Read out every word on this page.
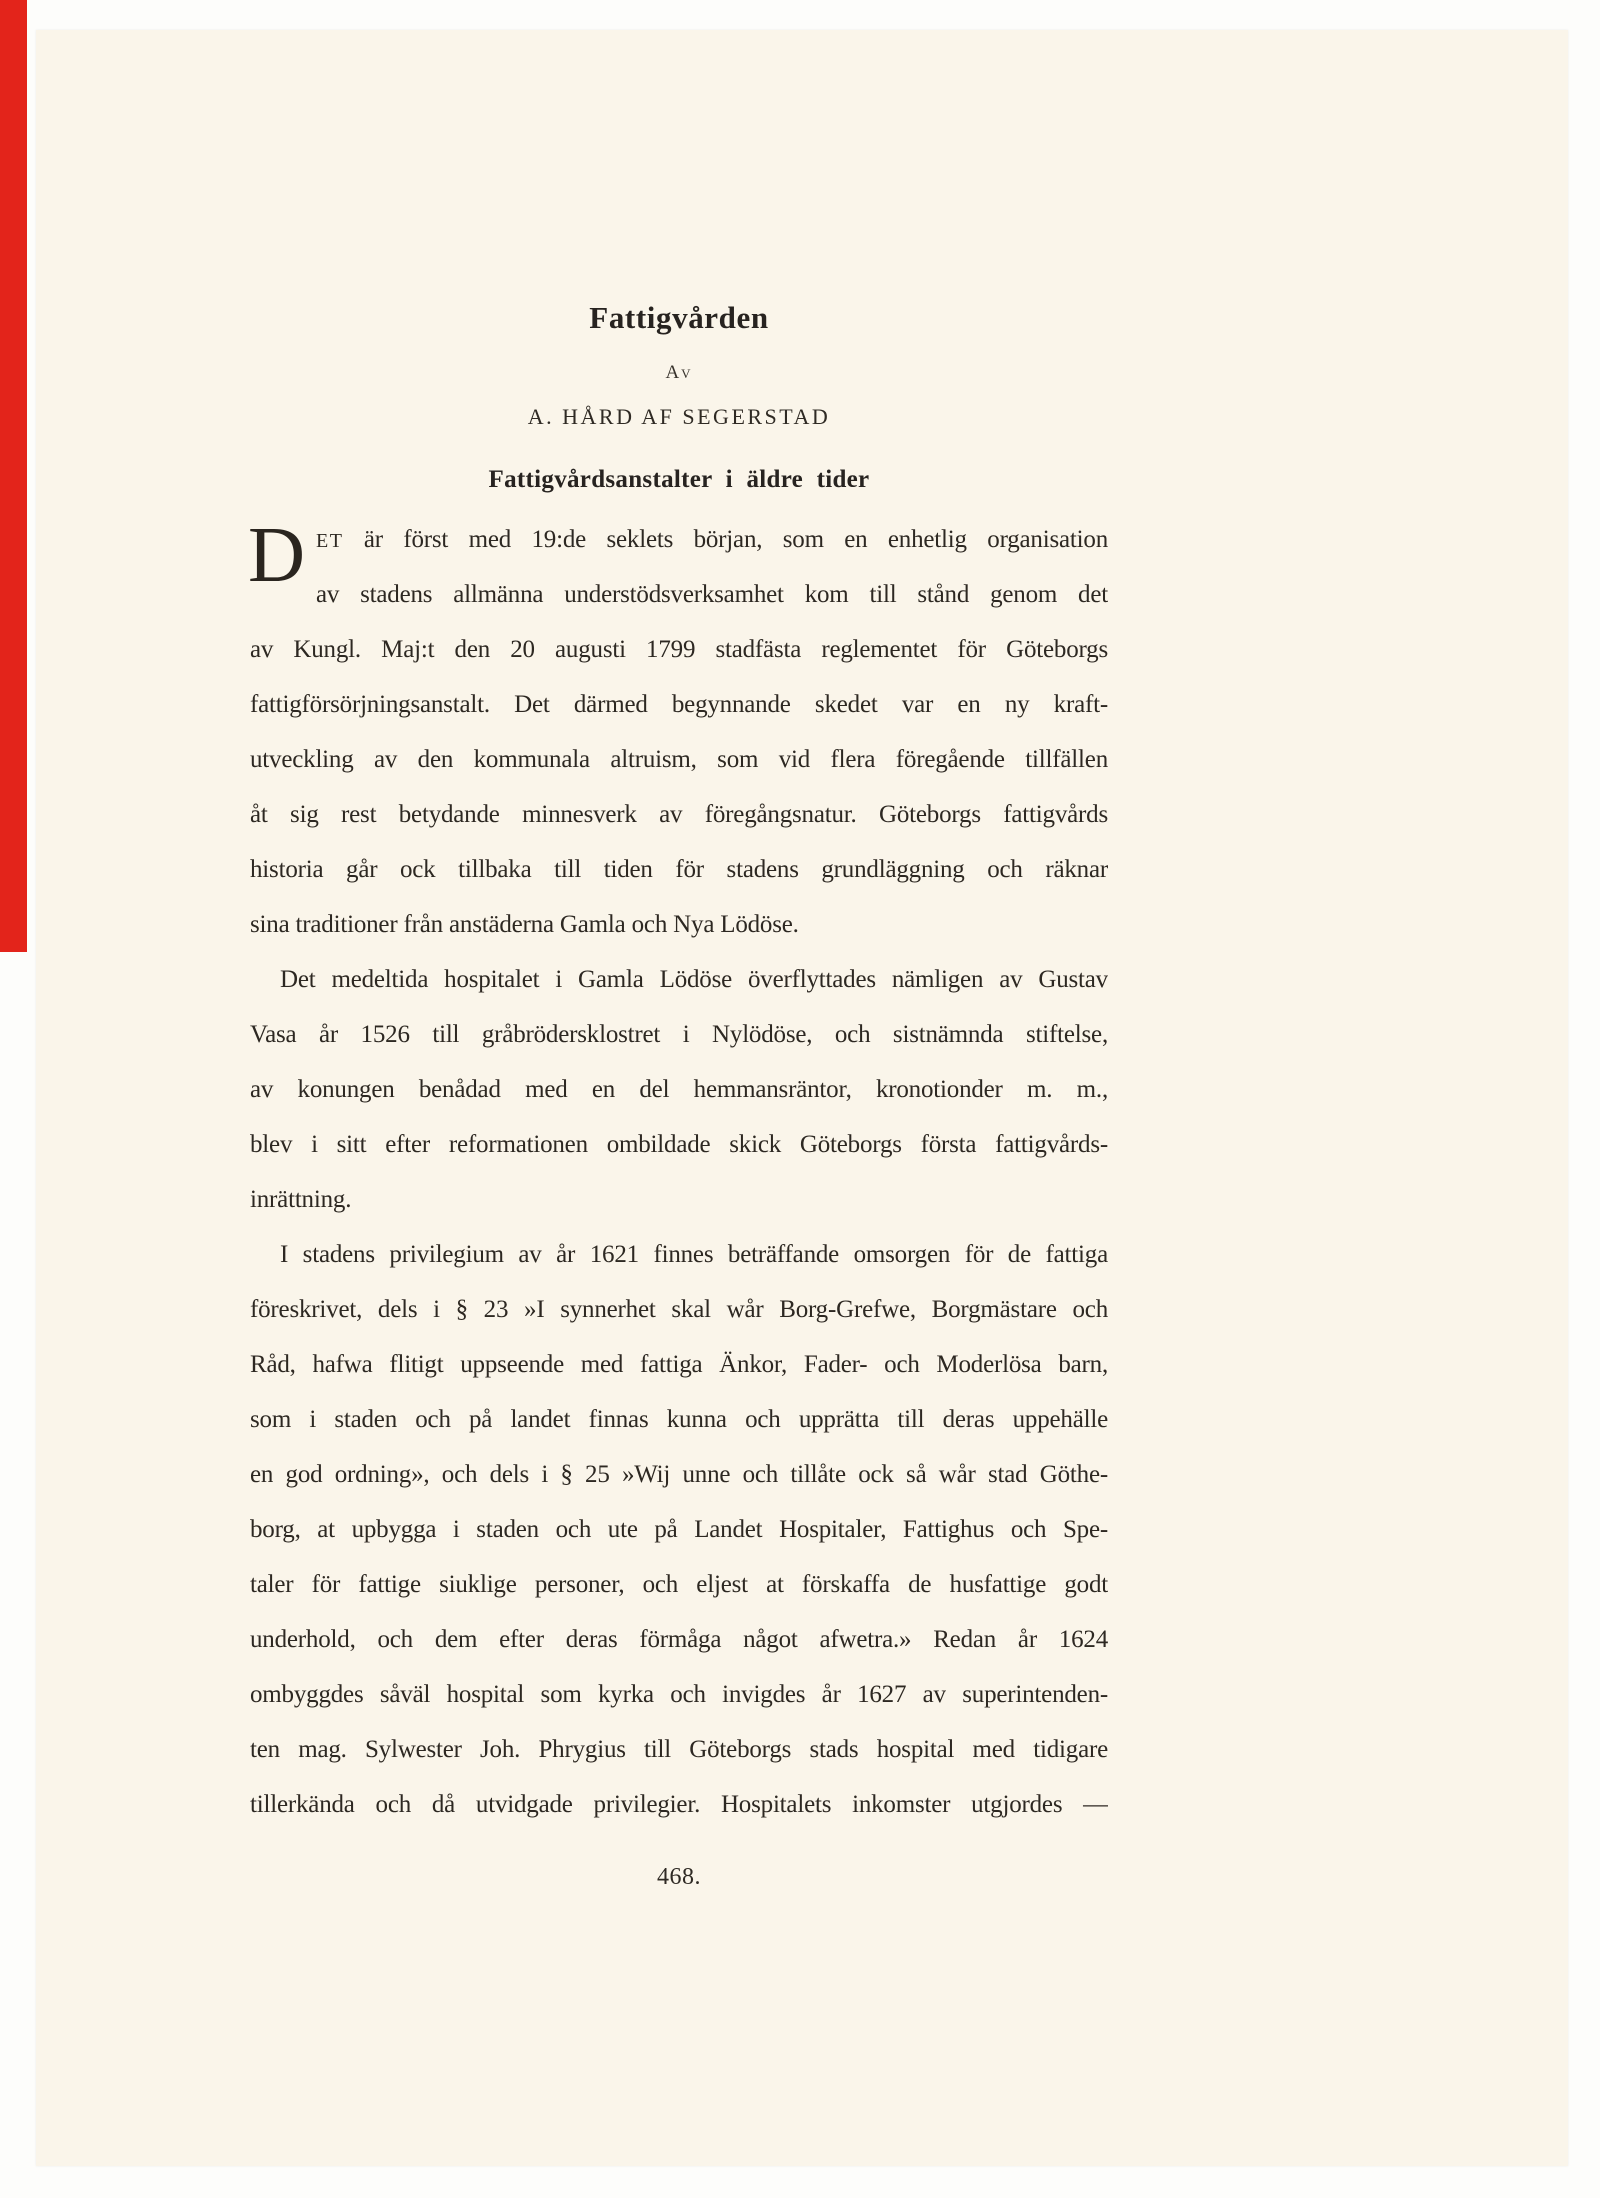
Fattigvården
Av
A. HÅRD AF SEGERSTAD
Fattigvårdsanstalter i äldre tider
D ET är först med 19:de seklets början, som en enhetlig organisation
av stadens allmänna understödsverksamhet kom till stånd genom det
av Kungl. Maj:t den 20 augusti 1799 stadfästa reglementet för Göteborgs
fattigförsörjningsanstalt. Det därmed begynnande skedet var en ny kraft-
utveckling av den kommunala altruism, som vid flera föregående tillfällen
åt sig rest betydande minnesverk av föregångsnatur. Göteborgs fattigvårds
historia går ock tillbaka till tiden för stadens grundläggning och räknar
sina traditioner från anstäderna Gamla och Nya Lödöse.
Det medeltida hospitalet i Gamla Lödöse överflyttades nämligen av Gustav
Vasa år 1526 till gråbrödersklostret i Nylödöse, och sistnämnda stiftelse,
av konungen benådad med en del hemmansräntor, kronotionder m. m.,
blev i sitt efter reformationen ombildade skick Göteborgs första fattigvårds-
inrättning.
I stadens privilegium av år 1621 finnes beträffande omsorgen för de fattiga
föreskrivet, dels i § 23 »I synnerhet skal wår Borg-Grefwe, Borgmästare och
Råd, hafwa flitigt uppseende med fattiga Änkor, Fader- och Moderlösa barn,
som i staden och på landet finnas kunna och upprätta till deras uppehälle
en god ordning», och dels i § 25 »Wij unne och tillåte ock så wår stad Göthe-
borg, at upbygga i staden och ute på Landet Hospitaler, Fattighus och Spe-
taler för fattige siuklige personer, och eljest at förskaffa de husfattige godt
underhold, och dem efter deras förmåga något afwetra.» Redan år 1624
ombyggdes såväl hospital som kyrka och invigdes år 1627 av superintenden-
ten mag. Sylwester Joh. Phrygius till Göteborgs stads hospital med tidigare
tillerkända och då utvidgade privilegier. Hospitalets inkomster utgjordes —
468.
